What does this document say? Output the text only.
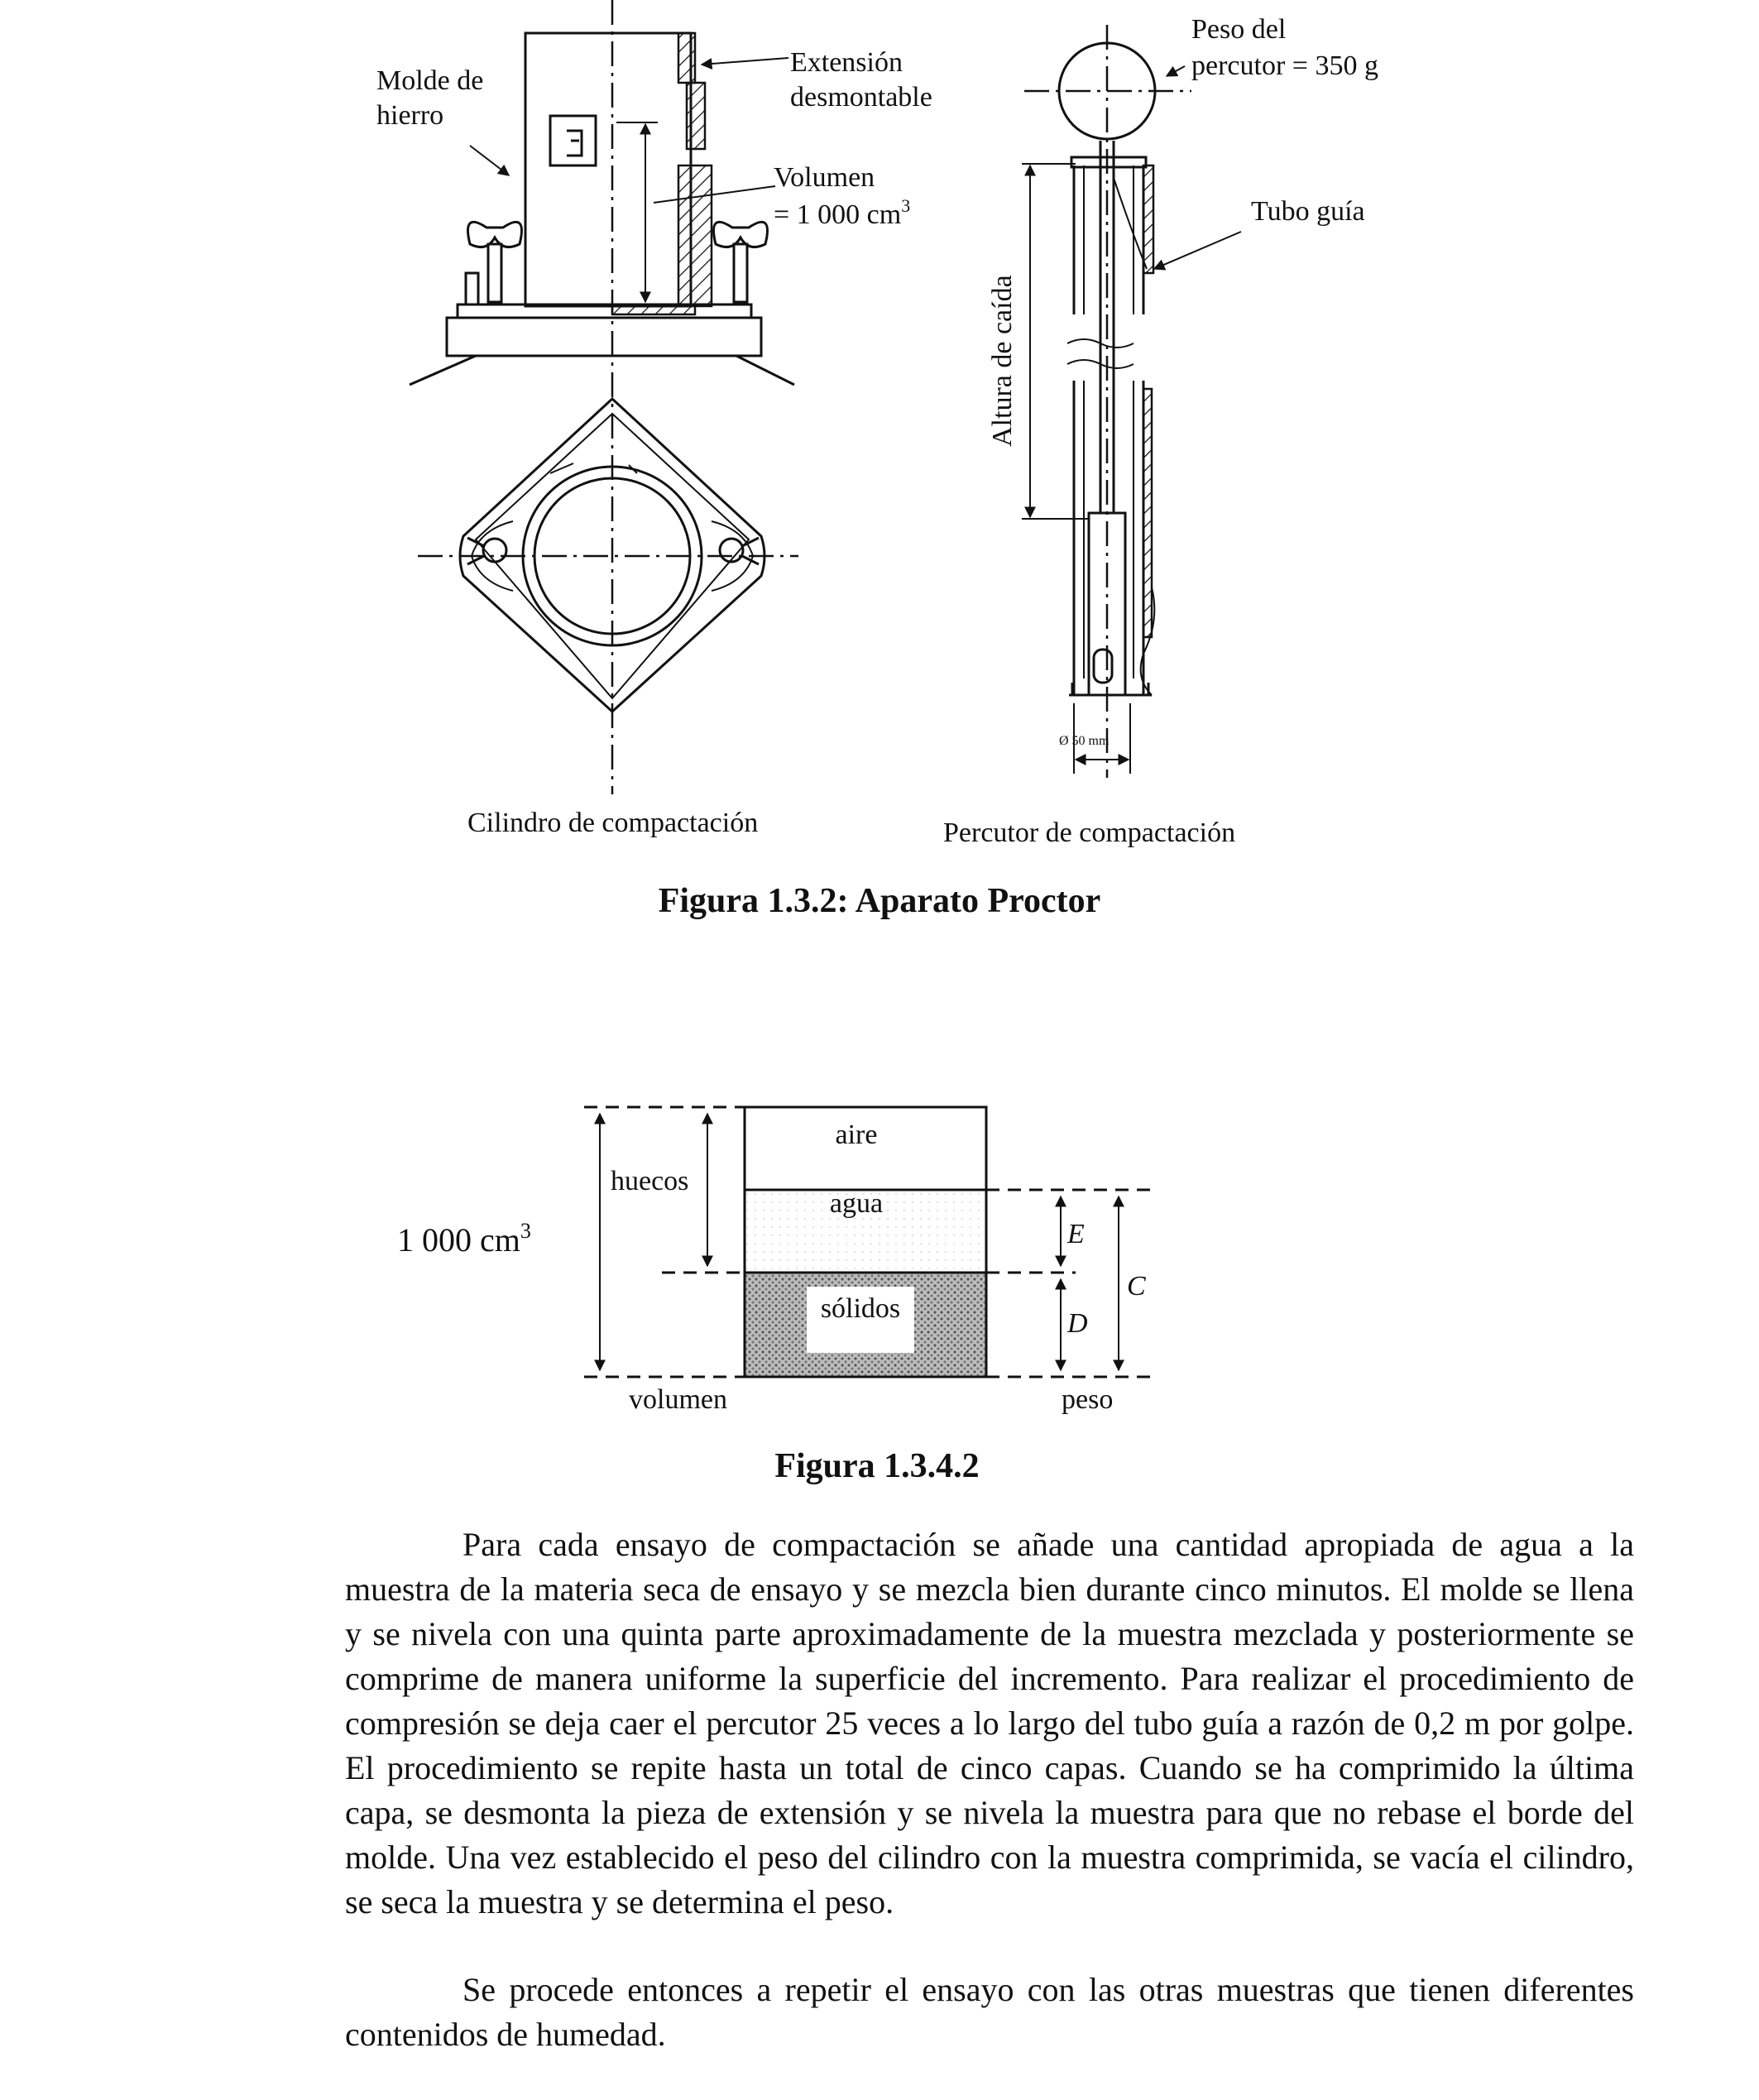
Molde de
hierro
Extensión
desmontable
Volumen
= 1 000 $cm^3$
Peso del
percutor = 350 g
Tubo guía
Altura de caída
Ø 50 mm
Cilindro de compactación	Percutor de compactación
Figura 1.3.2: Aparato Proctor
aire
agua
sólidos
huecos
volumen	peso
E
D
C
1 000 $cm^3$
Figura 1.3.4.2

Para cada ensayo de compactación se añade una cantidad apropiada de agua a la muestra de la materia seca de ensayo y se mezcla bien durante cinco minutos. El molde se llena y se nivela con una quinta parte aproximadamente de la muestra mezclada y posteriormente se comprime de manera uniforme la superficie del incremento. Para realizar el procedimiento de compresión se deja caer el percutor 25 veces a lo largo del tubo guía a razón de 0,2 m por golpe. El procedimiento se repite hasta un total de cinco capas. Cuando se ha comprimido la última capa, se desmonta la pieza de extensión y se nivela la muestra para que no rebase el borde del molde. Una vez establecido el peso del cilindro con la muestra comprimida, se vacía el cilindro, se seca la muestra y se determina el peso.

Se procede entonces a repetir el ensayo con las otras muestras que tienen diferentes contenidos de humedad.
